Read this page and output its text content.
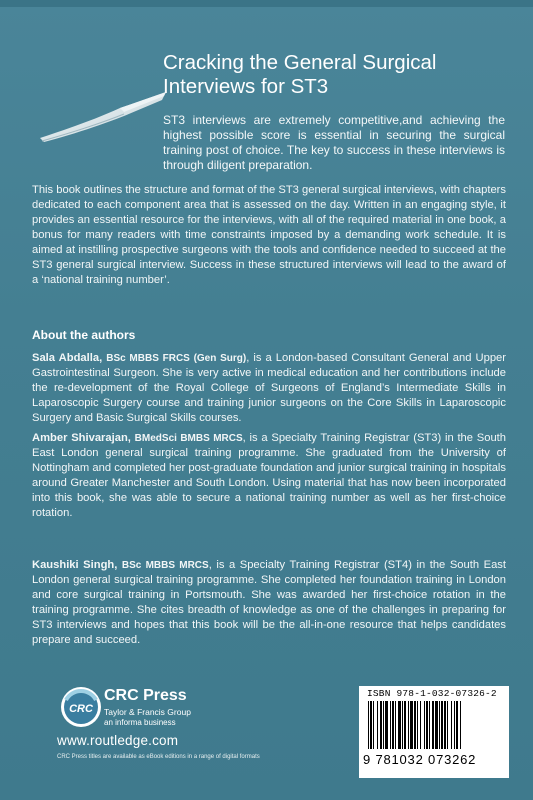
Cracking the General Surgical
Interviews for ST3
ST3 interviews are extremely competitive,and achieving the highest possible score is essential in securing the surgical training post of choice. The key to success in these interviews is through diligent preparation.
This book outlines the structure and format of the ST3 general surgical interviews, with chapters dedicated to each component area that is assessed on the day. Written in an engaging style, it provides an essential resource for the interviews, with all of the required material in one book, a bonus for many readers with time constraints imposed by a demanding work schedule. It is aimed at instilling prospective surgeons with the tools and confidence needed to succeed at the ST3 general surgical interview. Success in these structured interviews will lead to the award of a ‘national training number’.
About the authors
Sala Abdalla, BSc MBBS FRCS (Gen Surg), is a London-based Consultant General and Upper Gastrointestinal Surgeon. She is very active in medical education and her contributions include the re-development of the Royal College of Surgeons of England’s Intermediate Skills in Laparoscopic Surgery course and training junior surgeons on the Core Skills in Laparoscopic Surgery and Basic Surgical Skills courses.
Amber Shivarajan, BMedSci BMBS MRCS, is a Specialty Training Registrar (ST3) in the South East London general surgical training programme. She graduated from the University of Nottingham and completed her post-graduate foundation and junior surgical training in hospitals around Greater Manchester and South London. Using material that has now been incorporated into this book, she was able to secure a national training number as well as her first-choice rotation.
Kaushiki Singh, BSc MBBS MRCS, is a Specialty Training Registrar (ST4) in the South East London general surgical training programme. She completed her foundation training in London and core surgical training in Portsmouth. She was awarded her first-choice rotation in the training programme. She cites breadth of knowledge as one of the challenges in preparing for ST3 interviews and hopes that this book will be the all-in-one resource that helps candidates prepare and succeed.
CRC
CRC Press
Taylor & Francis Group
an informa business
www.routledge.com
CRC Press titles are available as eBook editions in a range of digital formats
ISBN 978-1-032-07326-2
9 781032 073262
